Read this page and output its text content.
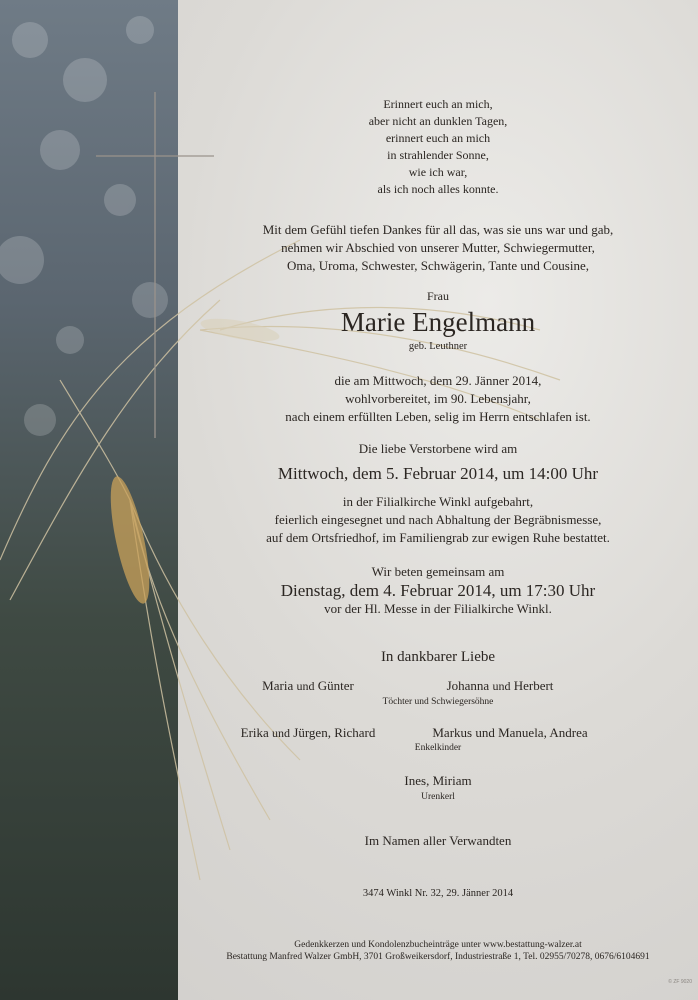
Erinnert euch an mich,
aber nicht an dunklen Tagen,
erinnert euch an mich
in strahlender Sonne,
wie ich war,
als ich noch alles konnte.
Mit dem Gefühl tiefen Dankes für all das, was sie uns war und gab,
nehmen wir Abschied von unserer Mutter, Schwiegermutter,
Oma, Uroma, Schwester, Schwägerin, Tante und Cousine,
Frau
Marie Engelmann
geb. Leuthner
die am Mittwoch, dem 29. Jänner 2014,
wohlvorbereitet, im 90. Lebensjahr,
nach einem erfüllten Leben, selig im Herrn entschlafen ist.
Die liebe Verstorbene wird am
Mittwoch, dem 5. Februar 2014, um 14:00 Uhr
in der Filialkirche Winkl aufgebahrt,
feierlich eingesegnet und nach Abhaltung der Begräbnismesse,
auf dem Ortsfriedhof, im Familiengrab zur ewigen Ruhe bestattet.
Wir beten gemeinsam am
Dienstag, dem 4. Februar 2014, um 17:30 Uhr
vor der Hl. Messe in der Filialkirche Winkl.
In dankbarer Liebe
Maria und Günter	Johanna und Herbert
Töchter und Schwiegersöhne
Erika und Jürgen, Richard	Markus und Manuela, Andrea
Enkelkinder
Ines, Miriam
Urenkerl
Im Namen aller Verwandten
3474 Winkl Nr. 32, 29. Jänner 2014
Gedenkkerzen und Kondolenzbucheinträge unter www.bestattung-walzer.at
Bestattung Manfred Walzer GmbH, 3701 Großweikersdorf, Industriestraße 1, Tel. 02955/70278, 0676/6104691
© ZF 9020
